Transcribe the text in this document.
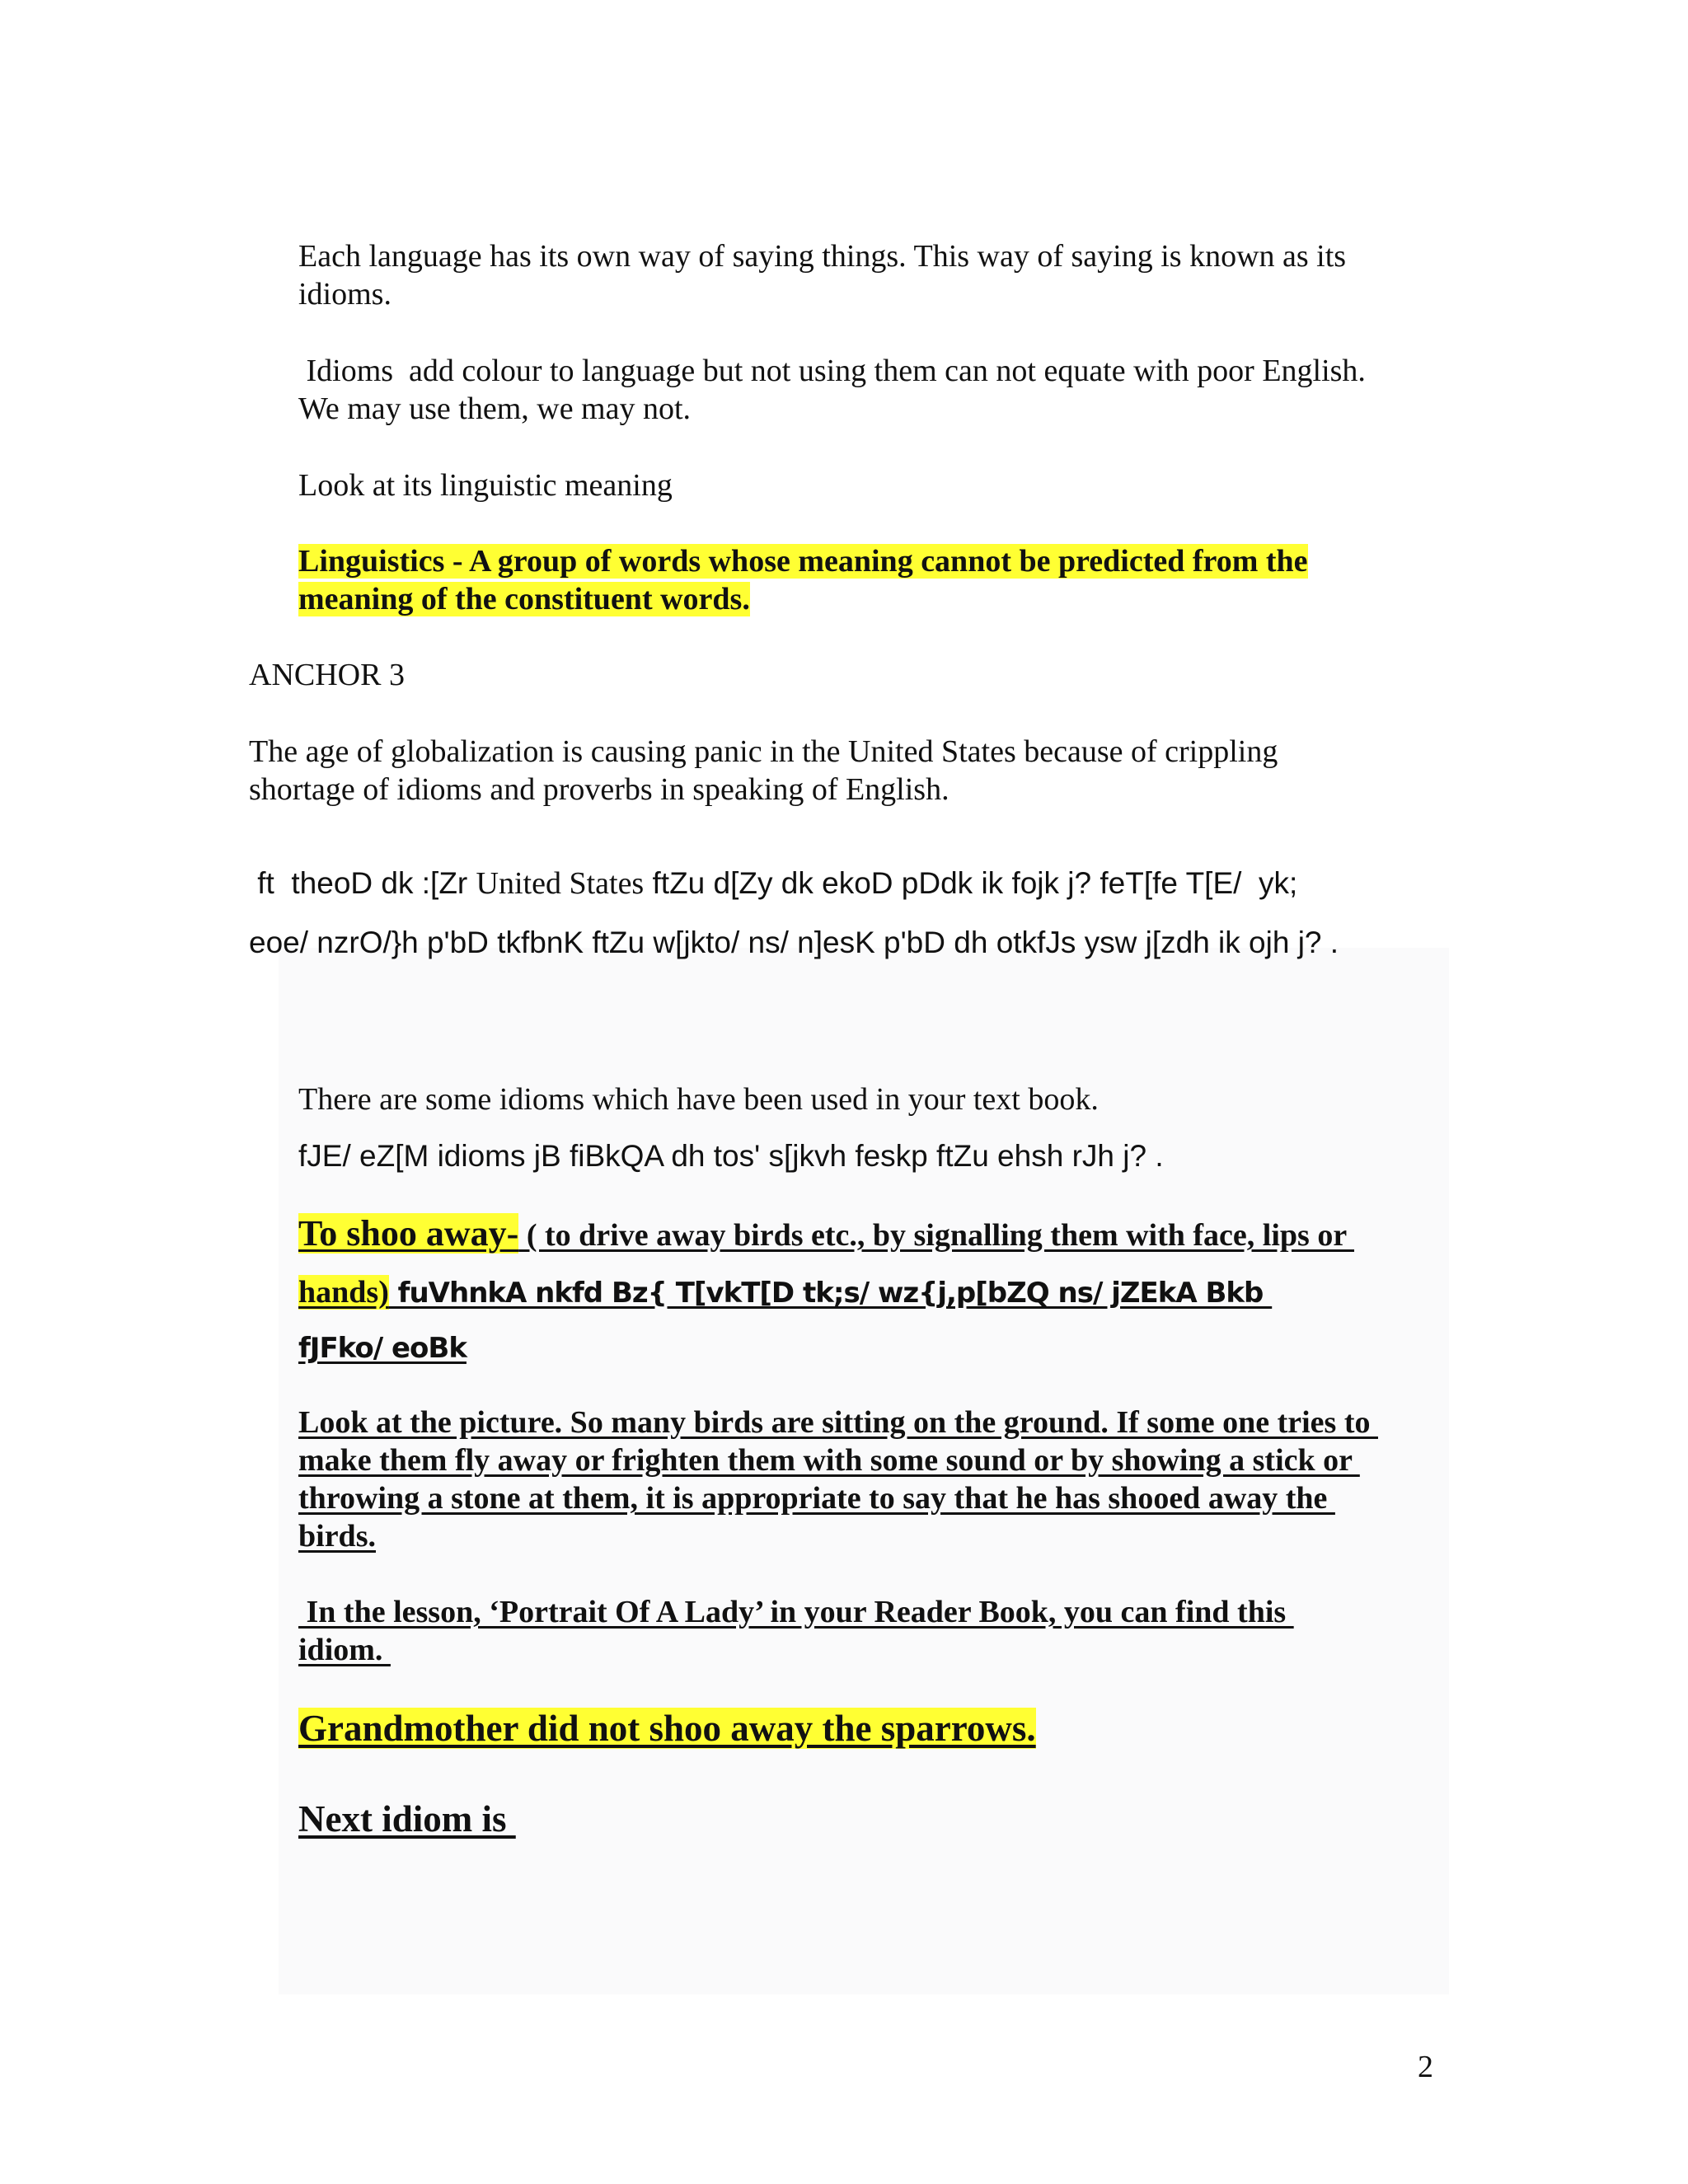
Each language has its own way of saying things. This way of saying is known as its

idioms.

Idioms  add colour to language but not using them can not equate with poor English.

We may use them, we may not.

Look at its linguistic meaning

Linguistics - A group of words whose meaning cannot be predicted from the

meaning of the constituent words.

ANCHOR 3

The age of globalization is causing panic in the United States because of crippling

shortage of idioms and proverbs in speaking of English.

ft  theoD dk :[Zr United States ftZu d[Zy dk ekoD pDdk ik fojk j? feT[fe T[E/  yk;

eoe/ nzrO/}h p'bD tkfbnK ftZu w[jkto/ ns/ n]esK p'bD dh otkfJs ysw j[zdh ik ojh j? .

There are some idioms which have been used in your text book.

fJE/ eZ[M idioms jB fiBkQA dh tos' s[jkvh feskp ftZu ehsh rJh j? .

To shoo away- ( to drive away birds etc., by signalling them with face, lips or

hands) fuVhnkA nkfd Bz{ T[vkT[D tk;s/ wz{j,p[bZQ ns/ jZEkA Bkb

fJFko/ eoBk

Look at the picture. So many birds are sitting on the ground. If some one tries to

make them fly away or frighten them with some sound or by showing a stick or

throwing a stone at them, it is appropriate to say that he has shooed away the

birds.

In the lesson, ‘Portrait Of A Lady’ in your Reader Book, you can find this

idiom.

Grandmother did not shoo away the sparrows.

Next idiom is

2
